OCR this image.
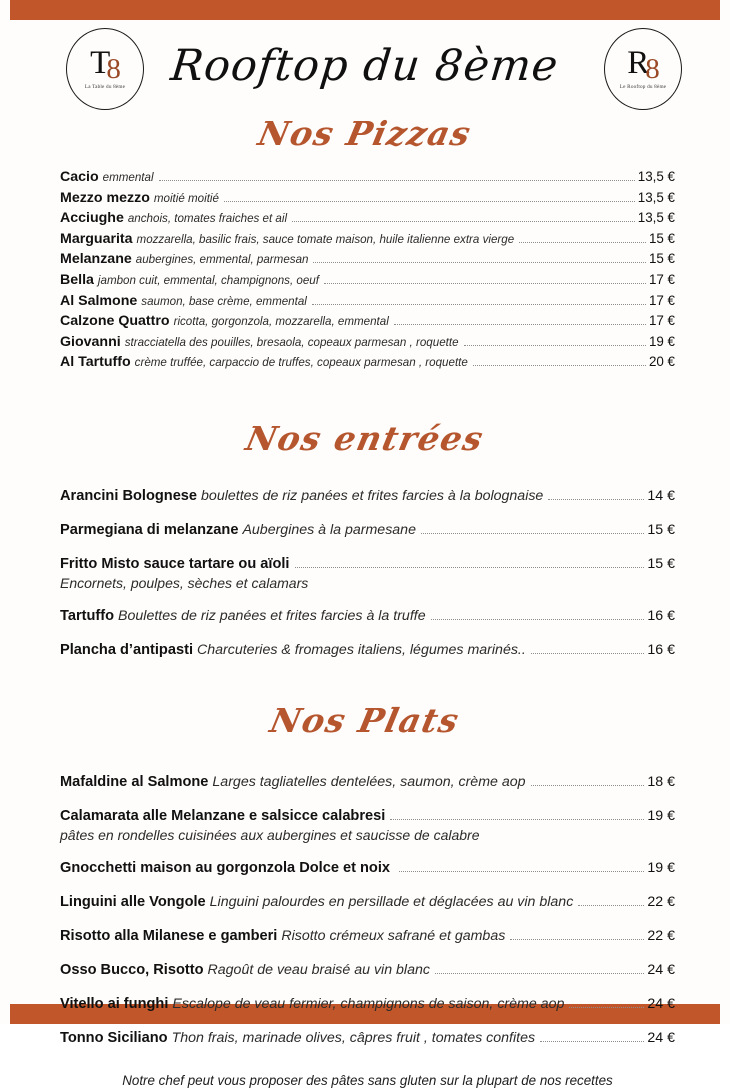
T
8
La Table du 8ème Rooftop du 8ème R
8
Le Rooftop du 8ème
Nos Pizzas
Cacio emmental	13,5 €
Mezzo mezzo moitié moitié	13,5 €
Acciughe anchois, tomates fraiches et ail	13,5 €
Marguarita mozzarella, basilic frais, sauce tomate maison, huile italienne extra vierge	15 €
Melanzane aubergines, emmental, parmesan	15 €
Bella jambon cuit, emmental, champignons, oeuf	17 €
Al Salmone saumon, base crème, emmental	17 €
Calzone Quattro ricotta, gorgonzola, mozzarella, emmental	17 €
Giovanni stracciatella des pouilles, bresaola, copeaux parmesan , roquette	19 €
Al Tartuffo crème truffée, carpaccio de truffes, copeaux parmesan , roquette	20 €
Nos entrées
Arancini Bolognese boulettes de riz panées et frites farcies à la bolognaise	14 €
Parmegiana di melanzane Aubergines à la parmesane	15 €
Fritto Misto sauce tartare ou aïoli	15 €
Encornets, poulpes, sèches et calamars
Tartuffo Boulettes de riz panées et frites farcies à la truffe	16 €
Plancha d’antipasti Charcuteries & fromages italiens, légumes marinés..	16 €
Nos Plats
Mafaldine al Salmone Larges tagliatelles dentelées, saumon, crème aop	18 €
Calamarata alle Melanzane e salsicce calabresi	19 €
pâtes en rondelles cuisinées aux aubergines et saucisse de calabre
Gnocchetti maison au gorgonzola Dolce et noix	19 €
Linguini alle Vongole Linguini palourdes en persillade et déglacées au vin blanc	22 €
Risotto alla Milanese e gamberi Risotto crémeux safrané et gambas	22 €
Osso Bucco, Risotto Ragoût de veau braisé au vin blanc	24 €
Vitello ai funghi Escalope de veau fermier, champignons de saison, crème aop	24 €
Tonno Siciliano Thon frais, marinade olives, câpres fruit , tomates confites	24 €
Notre chef peut vous proposer des pâtes sans gluten sur la plupart de nos recettes
